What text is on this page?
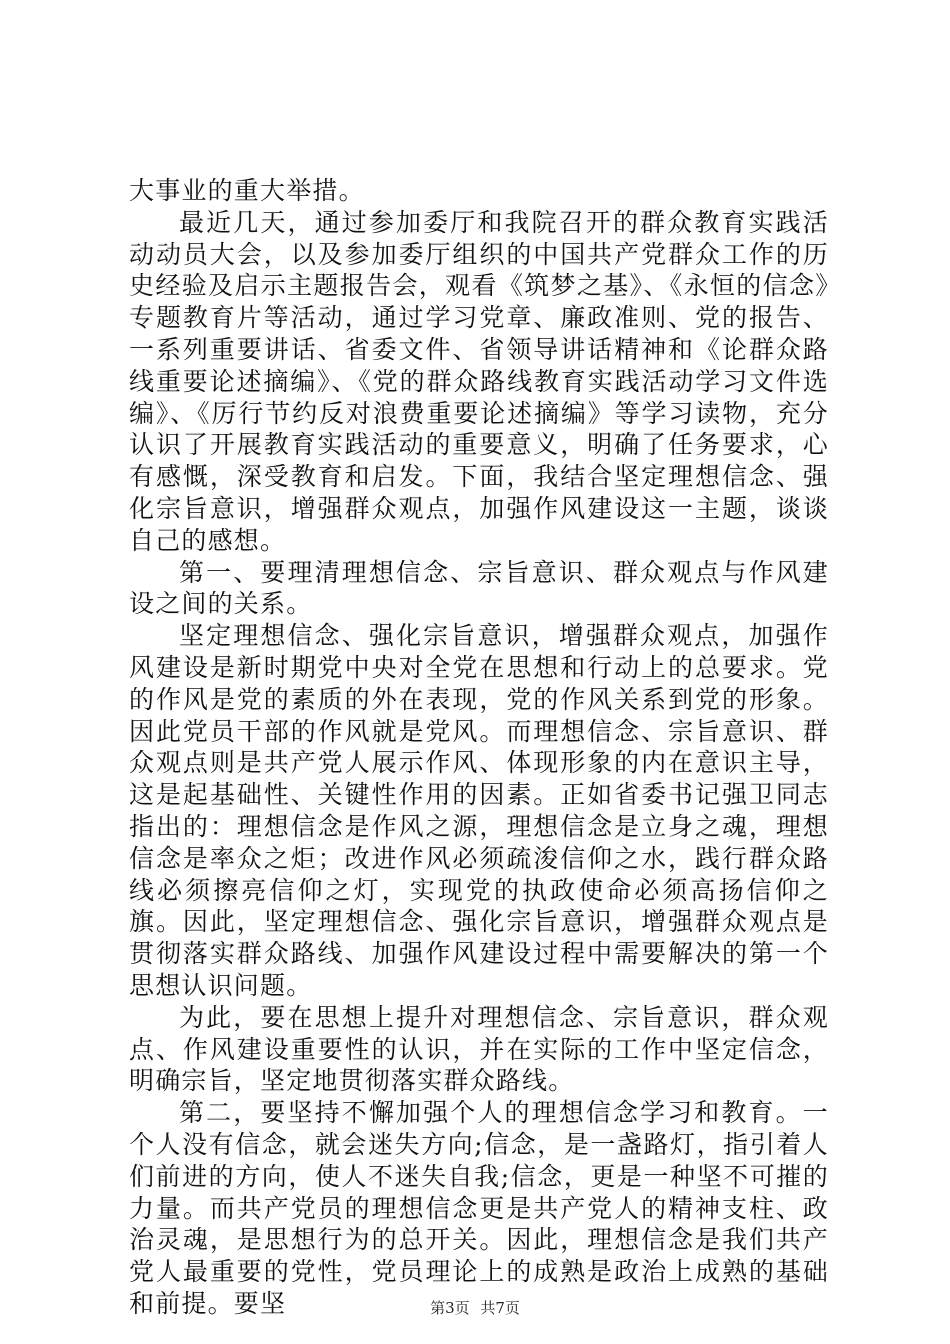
大事业的重大举措。

最近几天，通过参加委厅和我院召开的群众教育实践活动动员大会，以及参加委厅组织的中国共产党群众工作的历史经验及启示主题报告会，观看《筑梦之基》、《永恒的信念》专题教育片等活动，通过学习党章、廉政准则、党的报告、一系列重要讲话、省委文件、省领导讲话精神和《论群众路线重要论述摘编》、《党的群众路线教育实践活动学习文件选编》、《厉行节约反对浪费重要论述摘编》等学习读物，充分认识了开展教育实践活动的重要意义，明确了任务要求，心有感慨，深受教育和启发。下面，我结合坚定理想信念、强化宗旨意识，增强群众观点，加强作风建设这一主题，谈谈自己的感想。

第一、要理清理想信念、宗旨意识、群众观点与作风建设之间的关系。

坚定理想信念、强化宗旨意识，增强群众观点，加强作风建设是新时期党中央对全党在思想和行动上的总要求。党的作风是党的素质的外在表现，党的作风关系到党的形象。因此党员干部的作风就是党风。而理想信念、宗旨意识、群众观点则是共产党人展示作风、体现形象的内在意识主导，这是起基础性、关键性作用的因素。正如省委书记强卫同志指出的：理想信念是作风之源，理想信念是立身之魂，理想信念是率众之炬；改进作风必须疏浚信仰之水，践行群众路线必须擦亮信仰之灯，实现党的执政使命必须高扬信仰之旗。因此，坚定理想信念、强化宗旨意识，增强群众观点是贯彻落实群众路线、加强作风建设过程中需要解决的第一个思想认识问题。

为此，要在思想上提升对理想信念、宗旨意识，群众观点、作风建设重要性的认识，并在实际的工作中坚定信念，明确宗旨，坚定地贯彻落实群众路线。

第二，要坚持不懈加强个人的理想信念学习和教育。一个人没有信念，就会迷失方向;信念，是一盏路灯，指引着人们前进的方向，使人不迷失自我;信念，更是一种坚不可摧的力量。而共产党员的理想信念更是共产党人的精神支柱、政治灵魂，是思想行为的总开关。因此，理想信念是我们共产党人最重要的党性，党员理论上的成熟是政治上成熟的基础和前提。要坚	第3页 共7页
